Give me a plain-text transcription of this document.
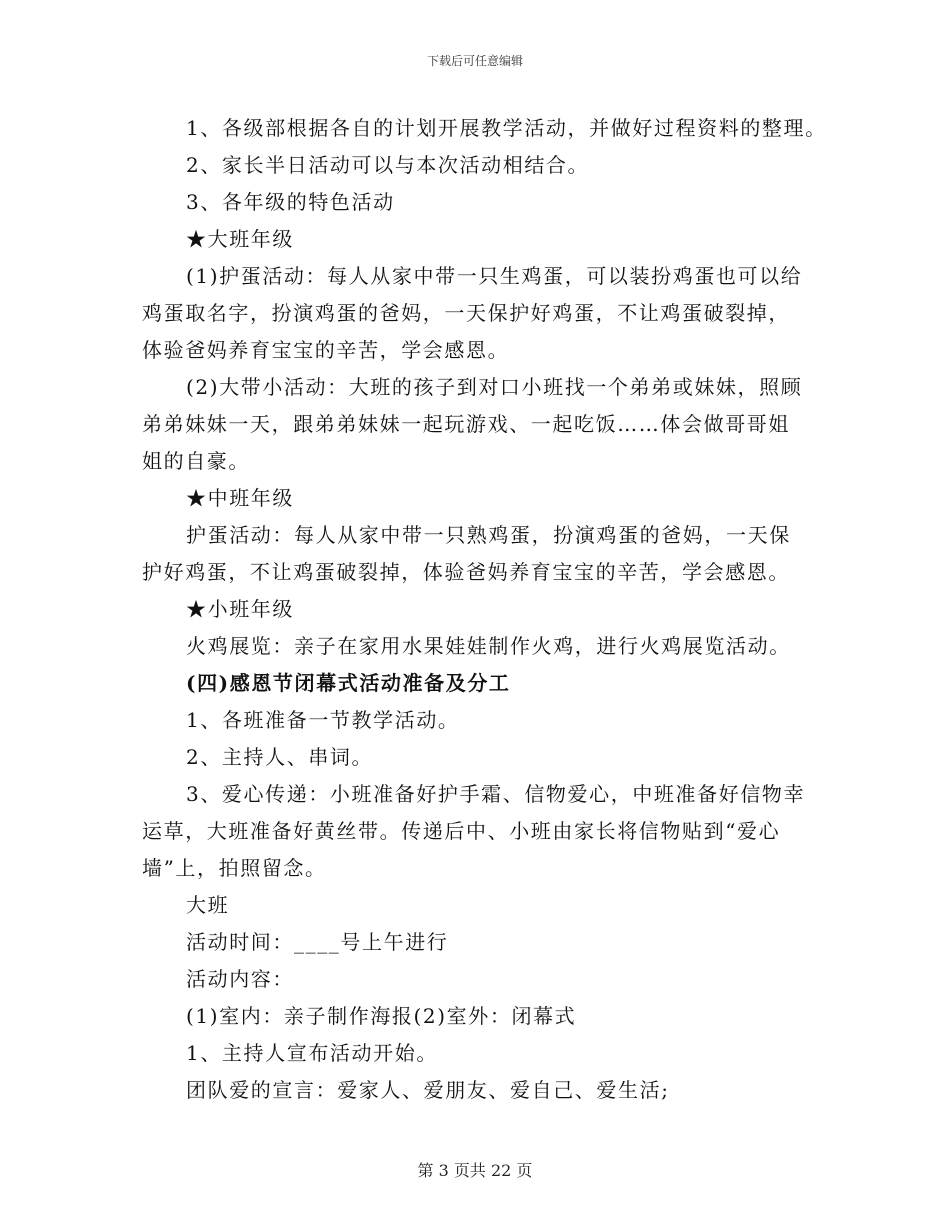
下载后可任意编辑
1、各级部根据各自的计划开展教学活动，并做好过程资料的整理。
2、家长半日活动可以与本次活动相结合。
3、各年级的特色活动
★大班年级
(1)护蛋活动：每人从家中带一只生鸡蛋，可以装扮鸡蛋也可以给
鸡蛋取名字，扮演鸡蛋的爸妈，一天保护好鸡蛋，不让鸡蛋破裂掉，
体验爸妈养育宝宝的辛苦，学会感恩。
(2)大带小活动：大班的孩子到对口小班找一个弟弟或妹妹，照顾
弟弟妹妹一天，跟弟弟妹妹一起玩游戏、一起吃饭……体会做哥哥姐
姐的自豪。
★中班年级
护蛋活动：每人从家中带一只熟鸡蛋，扮演鸡蛋的爸妈，一天保
护好鸡蛋，不让鸡蛋破裂掉，体验爸妈养育宝宝的辛苦，学会感恩。
★小班年级
火鸡展览：亲子在家用水果娃娃制作火鸡，进行火鸡展览活动。
(四)感恩节闭幕式活动准备及分工
1、各班准备一节教学活动。
2、主持人、串词。
3、爱心传递：小班准备好护手霜、信物爱心，中班准备好信物幸
运草，大班准备好黄丝带。传递后中、小班由家长将信物贴到“爱心
墙”上，拍照留念。
大班
活动时间：____号上午进行
活动内容：
(1)室内：亲子制作海报(2)室外：闭幕式
1、主持人宣布活动开始。
团队爱的宣言：爱家人、爱朋友、爱自己、爱生活;
第 3 页共 22 页
